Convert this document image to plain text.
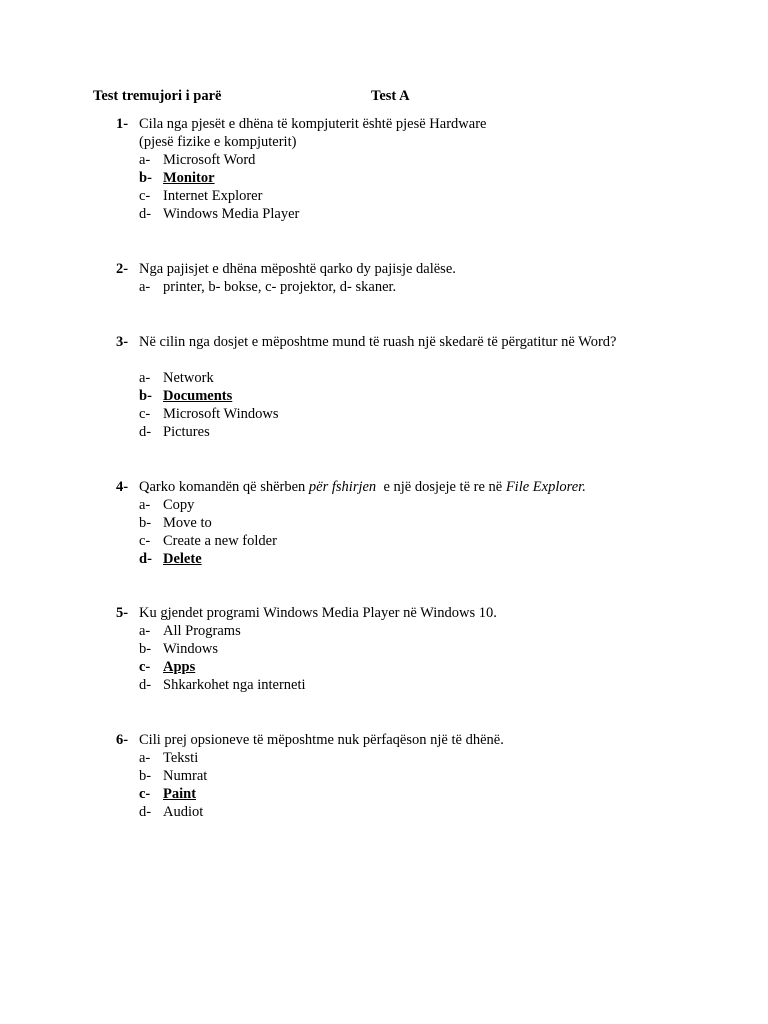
Test tremujori i parë	Test A
1- Cila nga pjesët e dhëna të kompjuterit është pjesë Hardware
(pjesë fizike e kompjuterit)
a- Microsoft Word
b- Monitor
c- Internet Explorer
d- Windows Media Player
2- Nga pajisjet e dhëna mëposhtë qarko dy pajisje dalëse.
a- printer, b- bokse, c- projektor, d- skaner.
3- Në cilin nga dosjet e mëposhtme mund të ruash një skedarë të përgatitur në Word?
a- Network
b- Documents
c- Microsoft Windows
d- Pictures
4- Qarko komandën që shërben për fshirjen  e një dosjeje të re në File Explorer.
a- Copy
b- Move to
c- Create a new folder
d- Delete
5- Ku gjendet programi Windows Media Player në Windows 10.
a- All Programs
b- Windows
c- Apps
d- Shkarkohet nga interneti
6- Cili prej opsioneve të mëposhtme nuk përfaqëson një të dhënë.
a- Teksti
b- Numrat
c- Paint
d- Audiot
